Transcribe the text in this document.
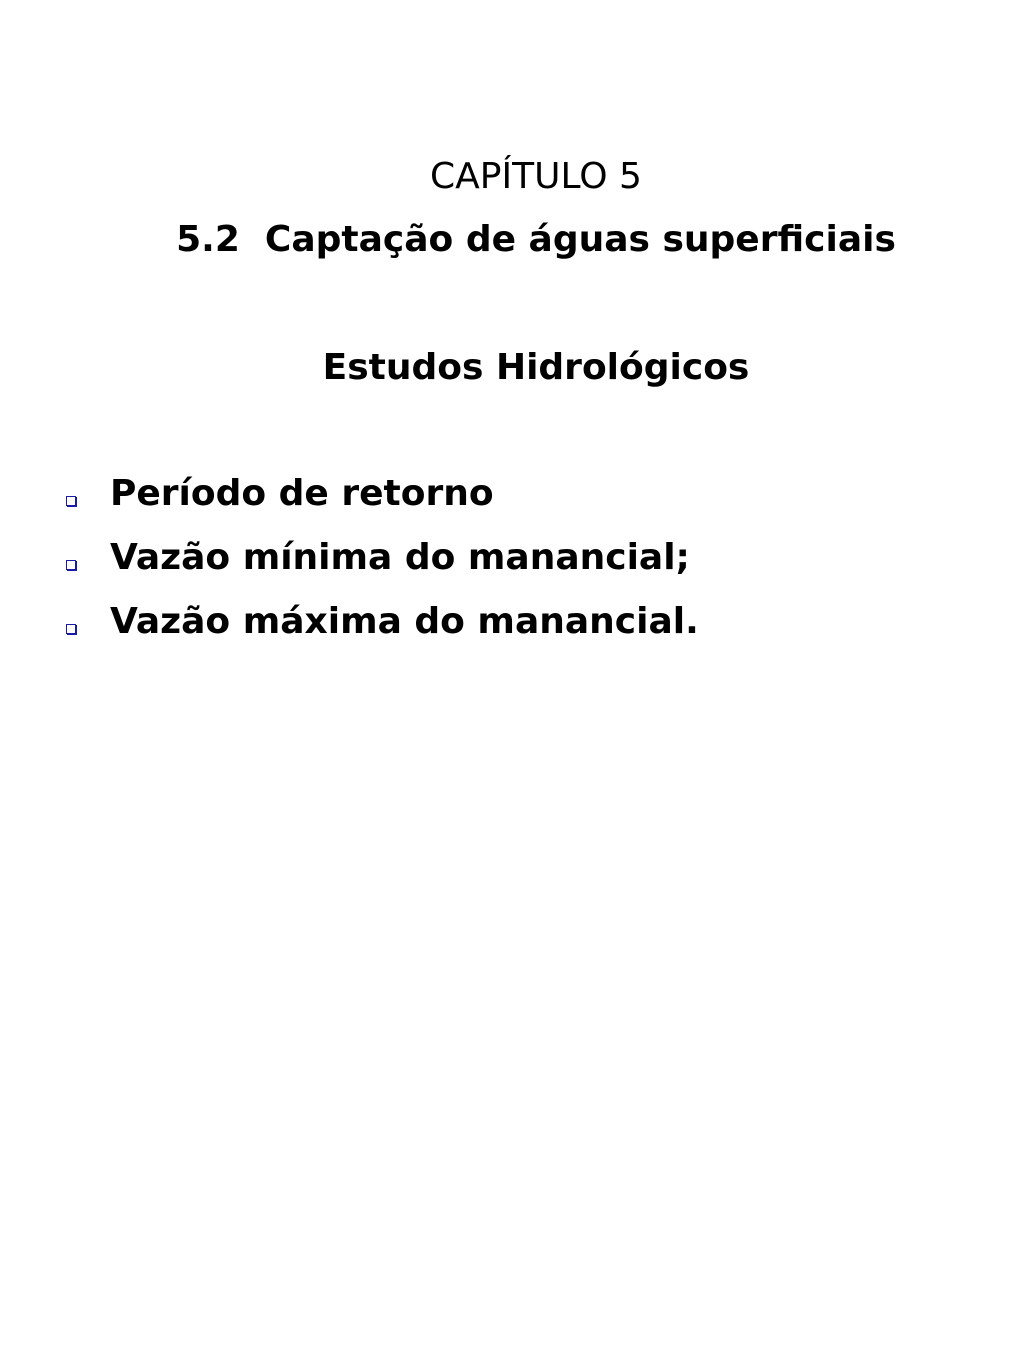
CAPÍTULO 5
5.2  Captação de águas superficiais
Estudos Hidrológicos
Período de retorno
Vazão mínima do manancial;
Vazão máxima do manancial.
